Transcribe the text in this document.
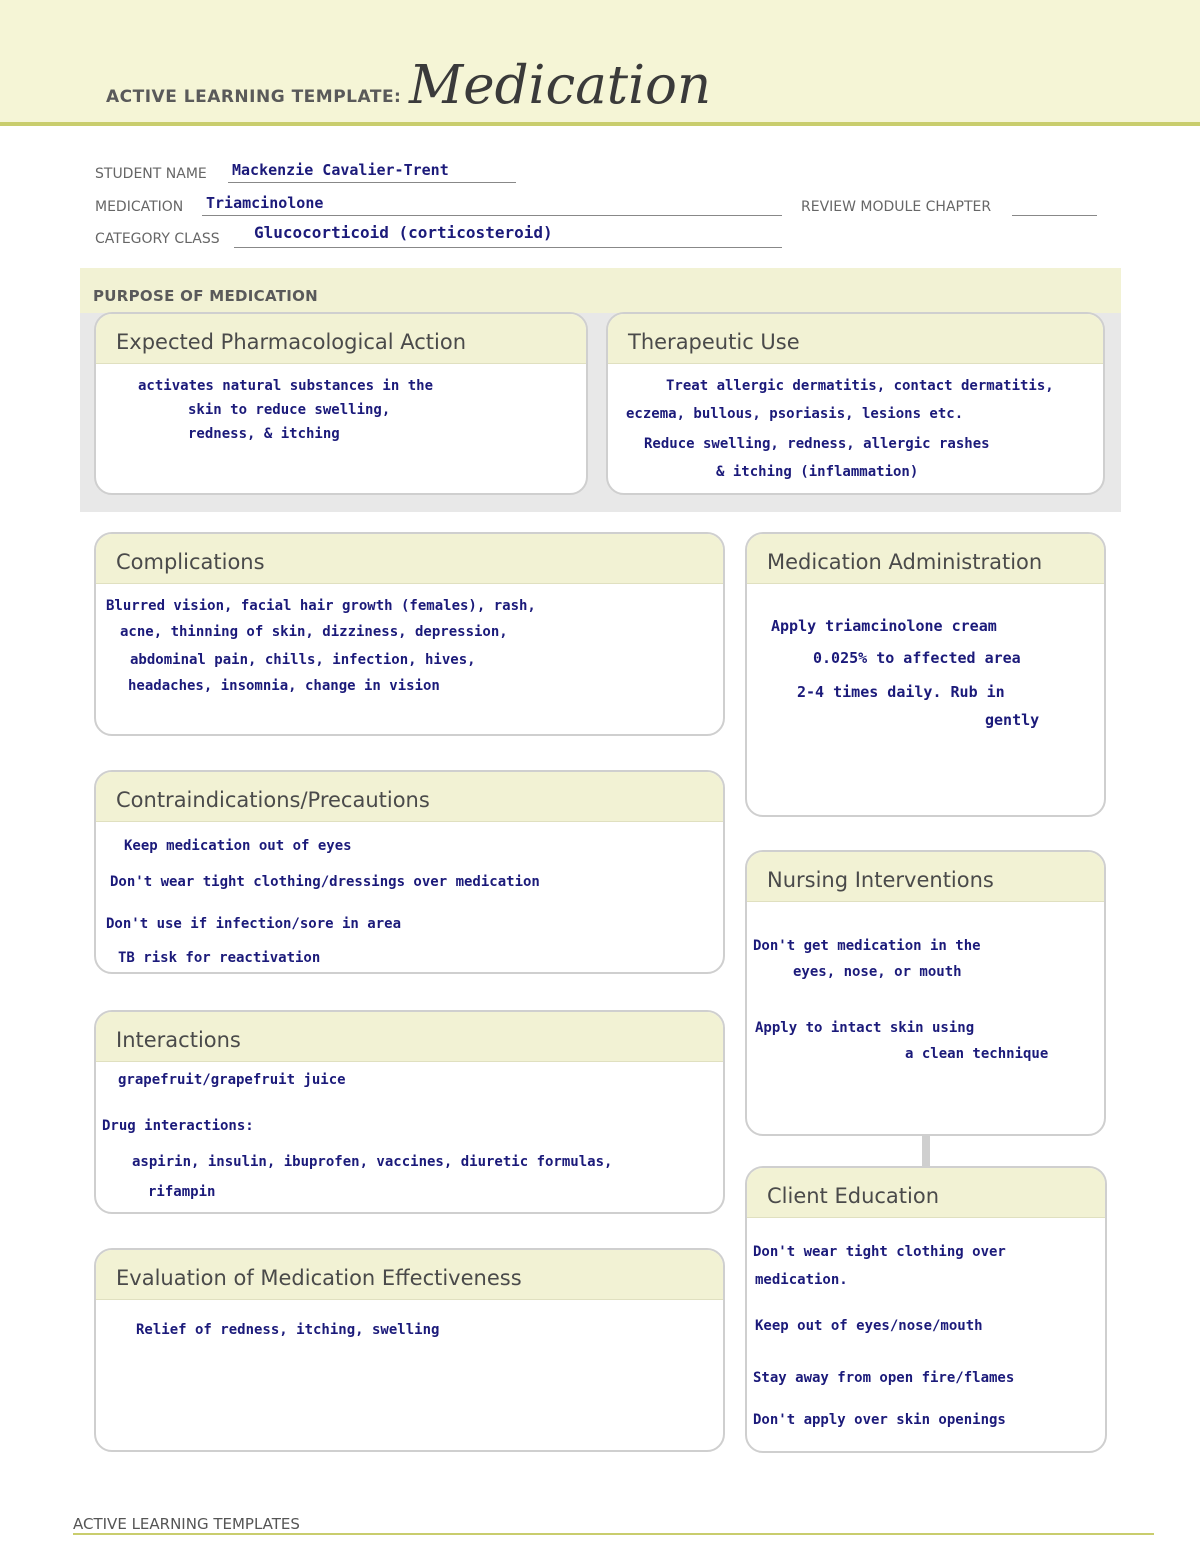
ACTIVE LEARNING TEMPLATE: Medication
STUDENT NAME Mackenzie Cavalier-Trent
MEDICATION Triamcinolone	REVIEW MODULE CHAPTER
CATEGORY CLASS Glucocorticoid (corticosteroid)
PURPOSE OF MEDICATION
Expected Pharmacological Action
activates natural substances in the
skin to reduce swelling,
redness, & itching
Therapeutic Use
Treat allergic dermatitis, contact dermatitis,
eczema, bullous, psoriasis, lesions etc.
Reduce swelling, redness, allergic rashes
& itching (inflammation)
Complications
Blurred vision, facial hair growth (females), rash,
acne, thinning of skin, dizziness, depression,
abdominal pain, chills, infection, hives,
headaches, insomnia, change in vision
Medication Administration
Apply triamcinolone cream
0.025% to affected area
2-4 times daily. Rub in
gently
Contraindications/Precautions
Keep medication out of eyes
Don't wear tight clothing/dressings over medication
Don't use if infection/sore in area
TB risk for reactivation
Nursing Interventions
Don't get medication in the
eyes, nose, or mouth
Apply to intact skin using
a clean technique
Interactions
grapefruit/grapefruit juice
Drug interactions:
aspirin, insulin, ibuprofen, vaccines, diuretic formulas,
rifampin	Client Education
Don't wear tight clothing over
medication.
Keep out of eyes/nose/mouth
Stay away from open fire/flames
Don't apply over skin openings
Evaluation of Medication Effectiveness
Relief of redness, itching, swelling
ACTIVE LEARNING TEMPLATES
